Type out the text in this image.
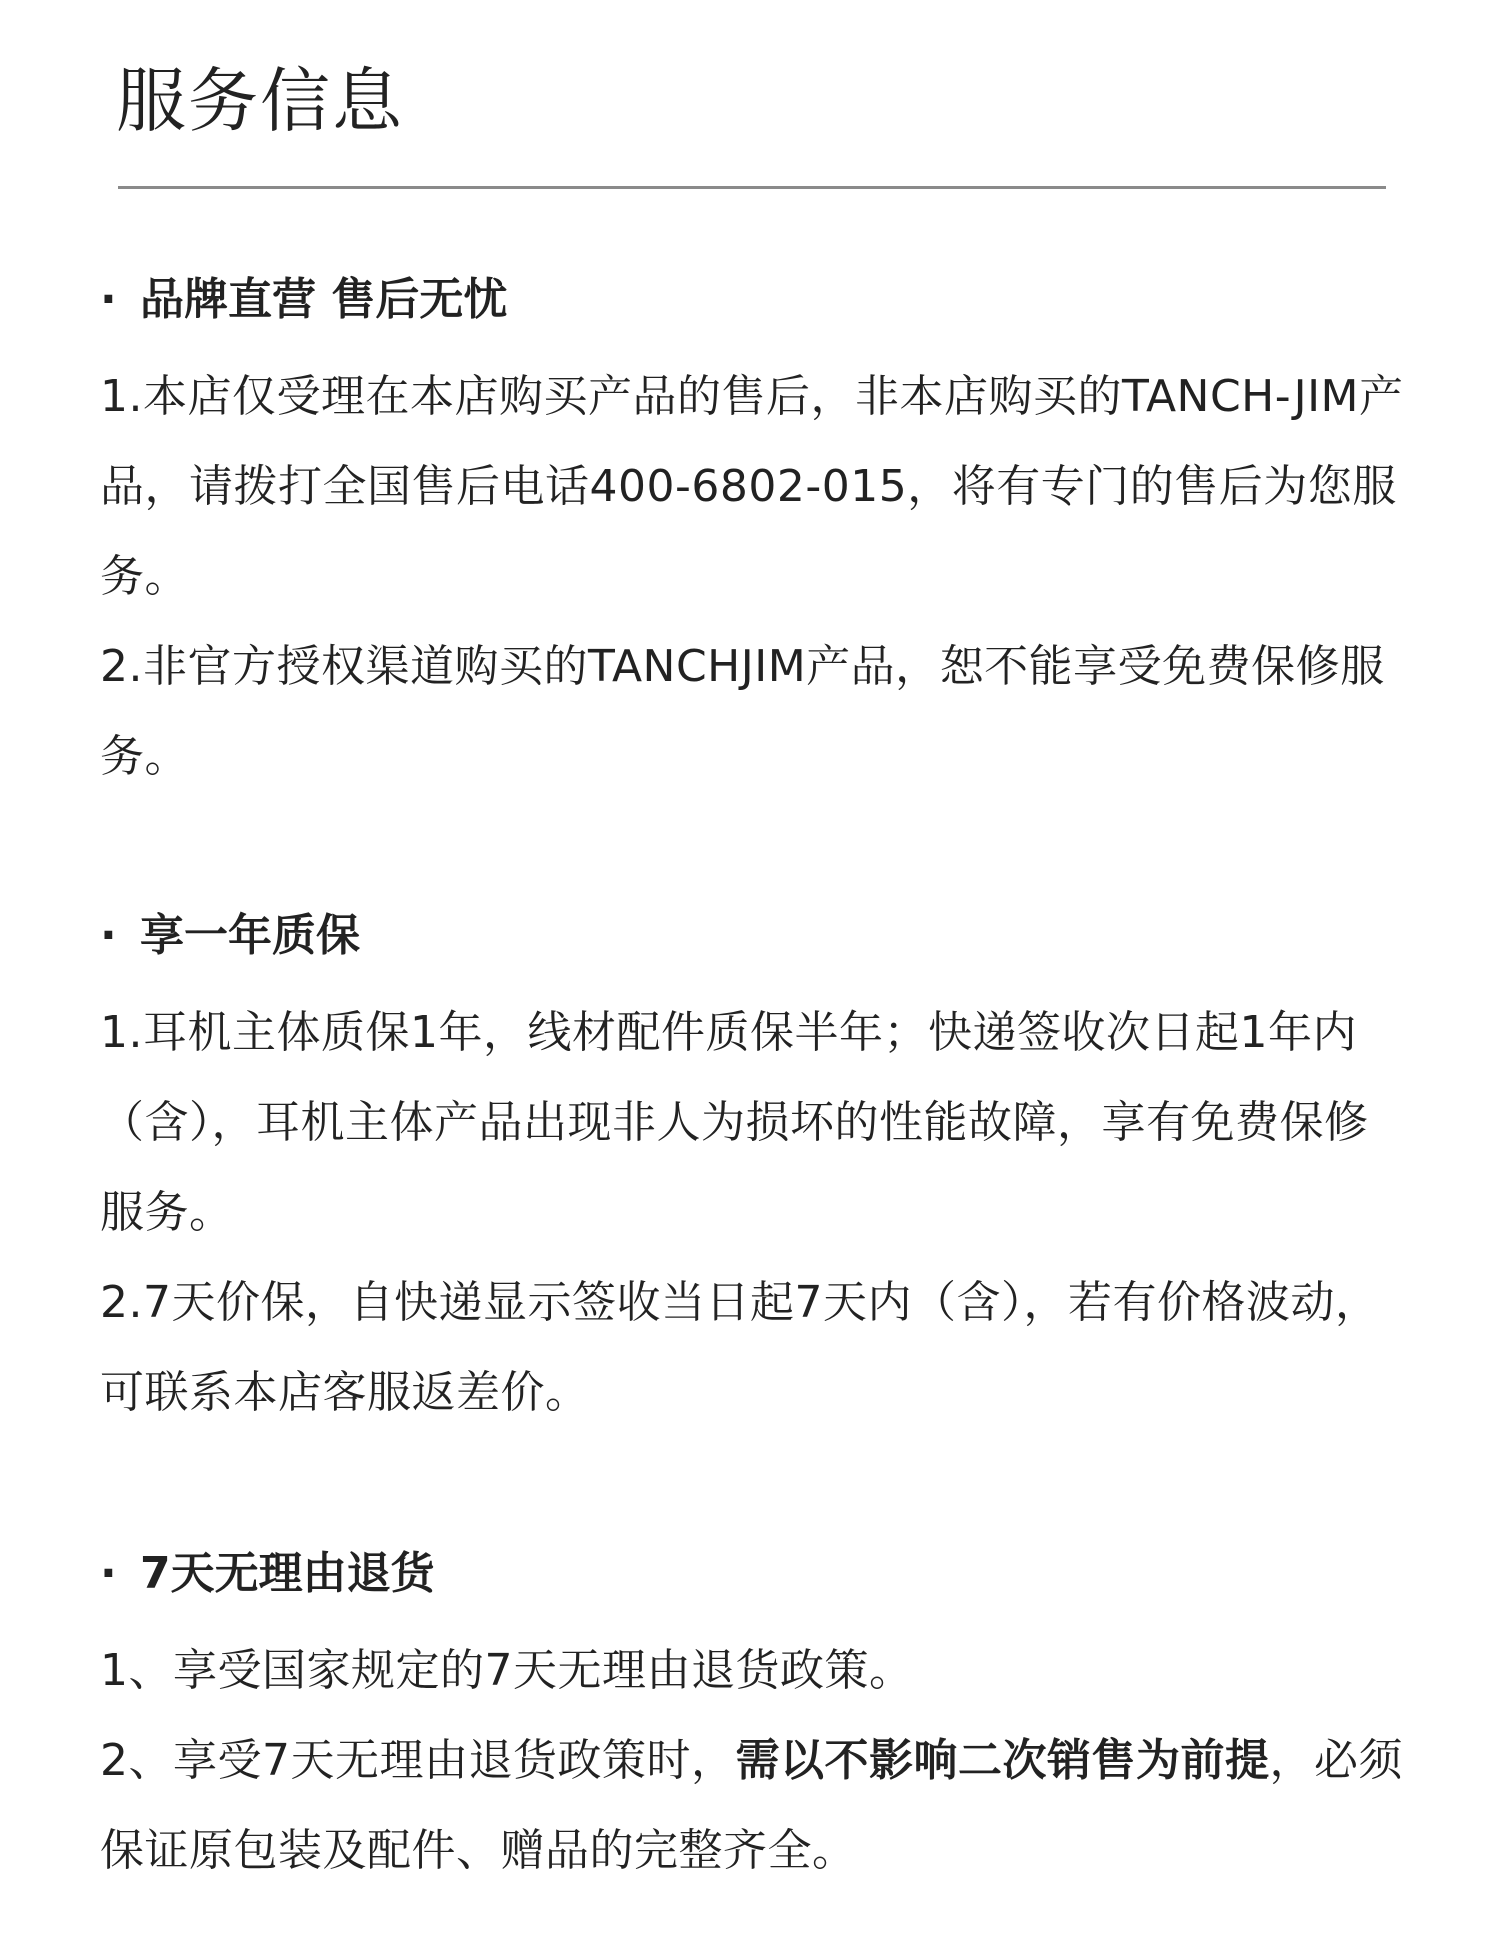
服务信息
· 品牌直营 售后无忧

1.本店仅受理在本店购买产品的售后，非本店购买的TANCH-JIM产品，请拨打全国售后电话400-6802-015，将有专门的售后为您服务。

2.非官方授权渠道购买的TANCHJIM产品，恕不能享受免费保修服务。

· 享一年质保

1.耳机主体质保1年，线材配件质保半年；快递签收次日起1年内（含），耳机主体产品出现非人为损坏的性能故障，享有免费保修服务。

2.7天价保，自快递显示签收当日起7天内（含），若有价格波动，可联系本店客服返差价。

· 7天无理由退货

1、享受国家规定的7天无理由退货政策。

2、享受7天无理由退货政策时，需以不影响二次销售为前提，必须保证原包装及配件、赠品的完整齐全。
